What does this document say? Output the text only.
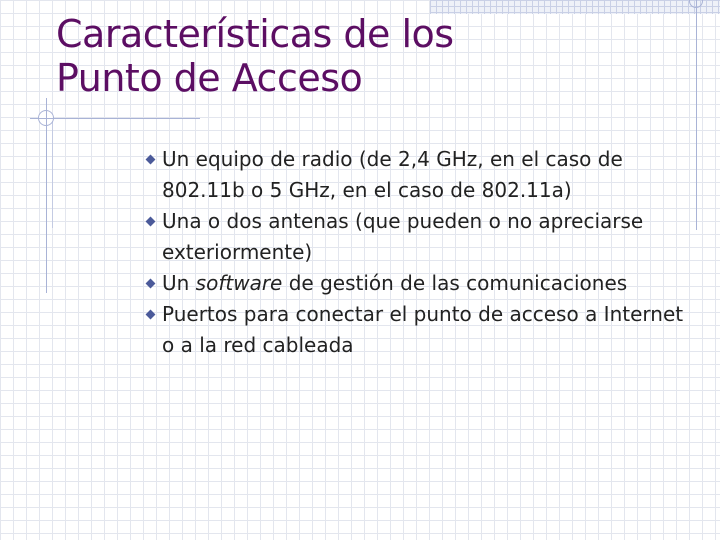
Características de los
Punto de Acceso
Un equipo de radio (de 2,4 GHz, en el caso de 802.11b o 5 GHz, en el caso de 802.11a)
Una o dos antenas (que pueden o no apreciarse exteriormente)
Un software de gestión de las comunicaciones
Puertos para conectar el punto de acceso a Internet o a la red cableada
